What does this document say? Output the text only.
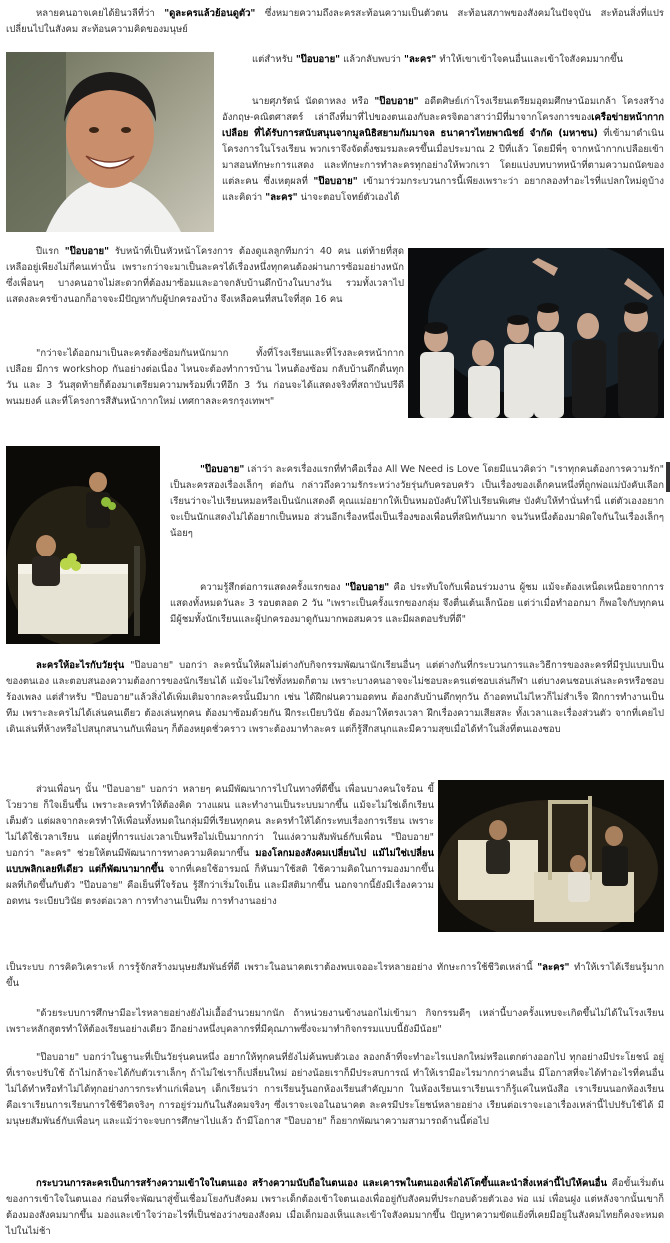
หลายคนอาจเคยได้ยินวลีที่ว่า "ดูละครแล้วย้อนดูตัว" ซึ่งหมายความถึงละครสะท้อนความเป็นตัวตน สะท้อนสภาพของสังคมในปัจจุบัน สะท้อนสิ่งที่แปรเปลี่ยนไปในสังคม สะท้อนความคิดของมนุษย์

แต่สำหรับ "ป๊อบอาย" แล้วกลับพบว่า "ละคร" ทำให้เขาเข้าใจคนอื่นและเข้าใจสังคมมากขึ้น

นายศุภรัตน์ นัดดาหลง หรือ "ป๊อบอาย" อดีตศิษย์เก่าโรงเรียนเตรียมอุดมศึกษาน้อมเกล้า โครงสร้างอังกฤษ-คณิตศาสตร์ เล่าถึงที่มาที่ไปของตนเองกับละครจิตอาสาว่ามีที่มาจากโครงการของเครือข่ายหน้ากากเปลือย ที่ได้รับการสนับสนุนจากมูลนิธิสยามกัมมาจล ธนาคารไทยพาณิชย์ จำกัด (มหาชน) ที่เข้ามาดำเนินโครงการในโรงเรียน พวกเราจึงจัดตั้งชมรมละครขึ้นเมื่อประมาณ 2 ปีที่แล้ว โดยมีพี่ๆ จากหน้ากากเปลือยเข้ามาสอนทักษะการแสดง และทักษะการทำละครทุกอย่างให้พวกเรา โดยแบ่งบทบาทหน้าที่ตามความถนัดของแต่ละคน ซึ่งเหตุผลที่ "ป๊อบอาย" เข้ามาร่วมกระบวนการนี้เพียงเพราะว่า อยากลองทำอะไรที่แปลกใหม่ดูบ้าง และคิดว่า "ละคร" น่าจะตอบโจทย์ตัวเองได้

ปีแรก "ป๊อบอาย" รับหน้าที่เป็นหัวหน้าโครงการ ต้องดูแลลูกทีมกว่า 40 คน แต่ท้ายที่สุดเหลืออยู่เพียงไม่กี่คนเท่านั้น เพราะกว่าจะมาเป็นละครได้เรื่องหนึ่งทุกคนต้องผ่านการซ้อมอย่างหนัก ซึ่งเพื่อนๆ บางคนอาจไม่สะดวกที่ต้องมาซ้อมและอาจกลับบ้านดึกบ้างในบางวัน รวมทั้งเวลาไปแสดงละครข้างนอกก็อาจจะมีปัญหากับผู้ปกครองบ้าง จึงเหลือคนที่สนใจที่สุด 16 คน

"กว่าจะได้ออกมาเป็นละครต้องซ้อมกันหนักมาก ทั้งที่โรงเรียนและที่โรงละครหน้ากากเปลือย มีการ workshop กันอย่างต่อเนื่อง ไหนจะต้องทำการบ้าน ไหนต้องซ้อม กลับบ้านดึกดื่นทุกวัน และ 3 วันสุดท้ายก็ต้องมาเตรียมความพร้อมที่เวทีอีก 3 วัน ก่อนจะได้แสดงจริงที่สถาบันปรีดีพนมยงค์ และที่โครงการสีสันหน้ากากใหม่ เทศกาลละครกรุงเทพฯ"

"ป๊อบอาย" เล่าว่า ละครเรื่องแรกที่ทำคือเรื่อง All We Need is Love โดยมีแนวคิดว่า "เราทุกคนต้องการความรัก" เป็นละครสองเรื่องเล็กๆ ต่อกัน กล่าวถึงความรักระหว่างวัยรุ่นกับครอบครัว เป็นเรื่องของเด็กคนหนึ่งที่ถูกพ่อแม่บังคับเลือกเรียนว่าจะไปเรียนหมอหรือเป็นนักแสดงดี คุณแม่อยากให้เป็นหมอบังคับให้ไปเรียนพิเศษ บังคับให้ทำนั่นทำนี่ แต่ตัวเองอยากจะเป็นนักแสดงไม่ได้อยากเป็นหมอ ส่วนอีกเรื่องหนึ่งเป็นเรื่องของเพื่อนที่สนิทกันมาก จนวันหนึ่งต้องมาผิดใจกันในเรื่องเล็กๆ น้อยๆ

ความรู้สึกต่อการแสดงครั้งแรกของ "ป๊อบอาย" คือ ประทับใจกับเพื่อนร่วมงาน ผู้ชม แม้จะต้องเหน็ดเหนื่อยจากการแสดงทั้งหมดวันละ 3 รอบตลอด 2 วัน "เพราะเป็นครั้งแรกของกลุ่ม จึงตื่นเต้นเล็กน้อย แต่ว่าเมื่อทำออกมา ก็พอใจกับทุกคน มีผู้ชมทั้งนักเรียนและผู้ปกครองมาดูกันมากพอสมควร และมีผลตอบรับที่ดี"

ละครให้อะไรกับวัยรุ่น "ป๊อบอาย" บอกว่า ละครนั้นให้ผลไม่ต่างกับกิจกรรมพัฒนานักเรียนอื่นๆ แต่ต่างกันที่กระบวนการและวิธีการของละครที่มีรูปแบบเป็นของตนเอง และตอบสนองความต้องการของนักเรียนได้ แม้จะไม่ใช่ทั้งหมดก็ตาม เพราะบางคนอาจจะไม่ชอบละครแต่ชอบเล่นกีฬา แต่บางคนชอบเล่นละครหรือชอบร้องเพลง แต่สำหรับ "ป๊อบอาย"แล้วสิ่งได้เพิ่มเติมจากละครนั้นมีมาก เช่น ได้ฝึกฝนความอดทน ต้องกลับบ้านดึกทุกวัน ถ้าอดทนไม่ไหวก็ไม่สำเร็จ ฝึกการทำงานเป็นทีม เพราะละครไม่ได้เล่นคนเดียว ต้องเล่นทุกคน ต้องมาซ้อมด้วยกัน ฝึกระเบียบวินัย ต้องมาให้ตรงเวลา ฝึกเรื่องความเสียสละ ทั้งเวลาและเรื่องส่วนตัว จากที่เคยไปเดินเล่นที่ห้างหรือไปสนุกสนานกับเพื่อนๆ ก็ต้องหยุดชั่วคราว เพราะต้องมาทำละคร แต่ก็รู้สึกสนุกและมีความสุขเมื่อได้ทำในสิ่งที่ตนเองชอบ

ส่วนเพื่อนๆ นั้น "ป๊อบอาย" บอกว่า หลายๆ คนมีพัฒนาการไปในทางที่ดีขึ้น เพื่อนบางคนใจร้อน ขี้โวยวาย ก็ใจเย็นขึ้น เพราะละครทำให้ต้องคิด วางแผน และทำงานเป็นระบบมากขึ้น แม้จะไม่ใช่เด็กเรียนเต็มตัว แต่ผลจากละครทำให้เพื่อนทั้งหมดในกลุ่มมีที่เรียนทุกคน ละครทำให้ได้กระทบเรื่องการเรียน เพราะไม่ได้ใช้เวลาเรียน แต่อยู่ที่การแบ่งเวลาเป็นหรือไม่เป็นมากกว่า ในแง่ความสัมพันธ์กับเพื่อน "ป๊อบอาย" บอกว่า "ละคร" ช่วยให้ตนมีพัฒนาการทางความคิดมากขึ้น มองโลกมองสังคมเปลี่ยนไป แม้ไม่ใช่เปลี่ยนแบบพลิกเลยทีเดียว แต่ก็พัฒนามากขึ้น จากที่เคยใช้อารมณ์ ก็หันมาใช้สติ ใช้ความคิดในการมองมากขึ้น ผลที่เกิดขึ้นกับตัว "ป๊อบอาย" คือเย็นที่ใจร้อน รู้สึกว่าเริ่มใจเย็น และมีสติมากขึ้น นอกจากนี้ยังมีเรื่องความอดทน ระเบียบวินัย ตรงต่อเวลา การทำงานเป็นทีม การทำงานอย่าง

เป็นระบบ การคิดวิเคราะห์ การรู้จักสร้างมนุษยสัมพันธ์ที่ดี เพราะในอนาคตเราต้องพบเจออะไรหลายอย่าง ทักษะการใช้ชีวิตเหล่านี้ "ละคร" ทำให้เราได้เรียนรู้มากขึ้น

"ด้วยระบบการศึกษามีอะไรหลายอย่างยังไม่เอื้ออำนวยมากนัก ถ้าหน่วยงานข้างนอกไม่เข้ามา กิจกรรมดีๆ เหล่านี้บางครั้งแทบจะเกิดขึ้นไม่ได้ในโรงเรียน เพราะหลักสูตรทำให้ต้องเรียนอย่างเดียว อีกอย่างหนึ่งบุคลากรที่มีคุณภาพซึ่งจะมาทำกิจกรรมแบบนี้ยังมีน้อย"

"ป๊อบอาย" บอกว่าในฐานะที่เป็นวัยรุ่นคนหนึ่ง อยากให้ทุกคนที่ยังไม่ค้นพบตัวเอง ลองกล้าที่จะทำอะไรแปลกใหม่หรือแตกต่างออกไป ทุกอย่างมีประโยชน์ อยู่ที่เราจะปรับใช้ ถ้าไม่กล้าจะได้กับตัวเราเล็กๆ ถ้าไม่ใช่เราก็เปลี่ยนใหม่ อย่างน้อยเราก็มีประสบการณ์ ทำให้เรามีอะไรมากกว่าคนอื่น มีโอกาสที่จะได้ทำอะไรที่คนอื่นไม่ได้ทำหรือทำไม่ได้ทุกอย่างการกระทำแก่เพื่อนๆ เด็กเรียนว่า การเรียนรู้นอกห้องเรียนสำคัญมาก ในห้องเรียนเราเรียนเราก็รู้แค่ในหนังสือ เราเรียนนอกห้องเรียนคือเราเรียนการเรียนการใช้ชีวิตจริงๆ การอยู่ร่วมกันในสังคมจริงๆ ซึ่งเราจะเจอในอนาคต ละครมีประโยชน์หลายอย่าง เรียนต่อเราจะเอาเรื่องเหล่านี้ไปปรับใช้ได้ มีมนุษยสัมพันธ์กับเพื่อนๆ และแม้ว่าจะจบการศึกษาไปแล้ว ถ้ามีโอกาส "ป๊อบอาย" ก็อยากพัฒนาความสามารถด้านนี้ต่อไป

กระบวนการละครเป็นการสร้างความเข้าใจในตนเอง สร้างความนับถือในตนเอง และเคารพในตนเองเพื่อได้โตขึ้นและนำสิ่งเหล่านี้ไปให้คนอื่น คือขั้นเริ่มต้นของการเข้าใจในตนเอง ก่อนที่จะพัฒนาสู่ขั้นเชื่อมโยงกับสังคม เพราะเด็กต้องเข้าใจตนเองเพื่ออยู่กับสังคมที่ประกอบด้วยตัวเอง พ่อ แม่ เพื่อนฝูง แต่หลังจากนั้นเขาก็ต้องมองสังคมมากขึ้น มองและเข้าใจว่าอะไรที่เป็นช่องว่างของสังคม เมื่อเด็กมองเห็นและเข้าใจสังคมมากขึ้น ปัญหาความขัดแย้งที่เคยมีอยู่ในสังคมไทยก็คงจะหมดไปในไม่ช้า
